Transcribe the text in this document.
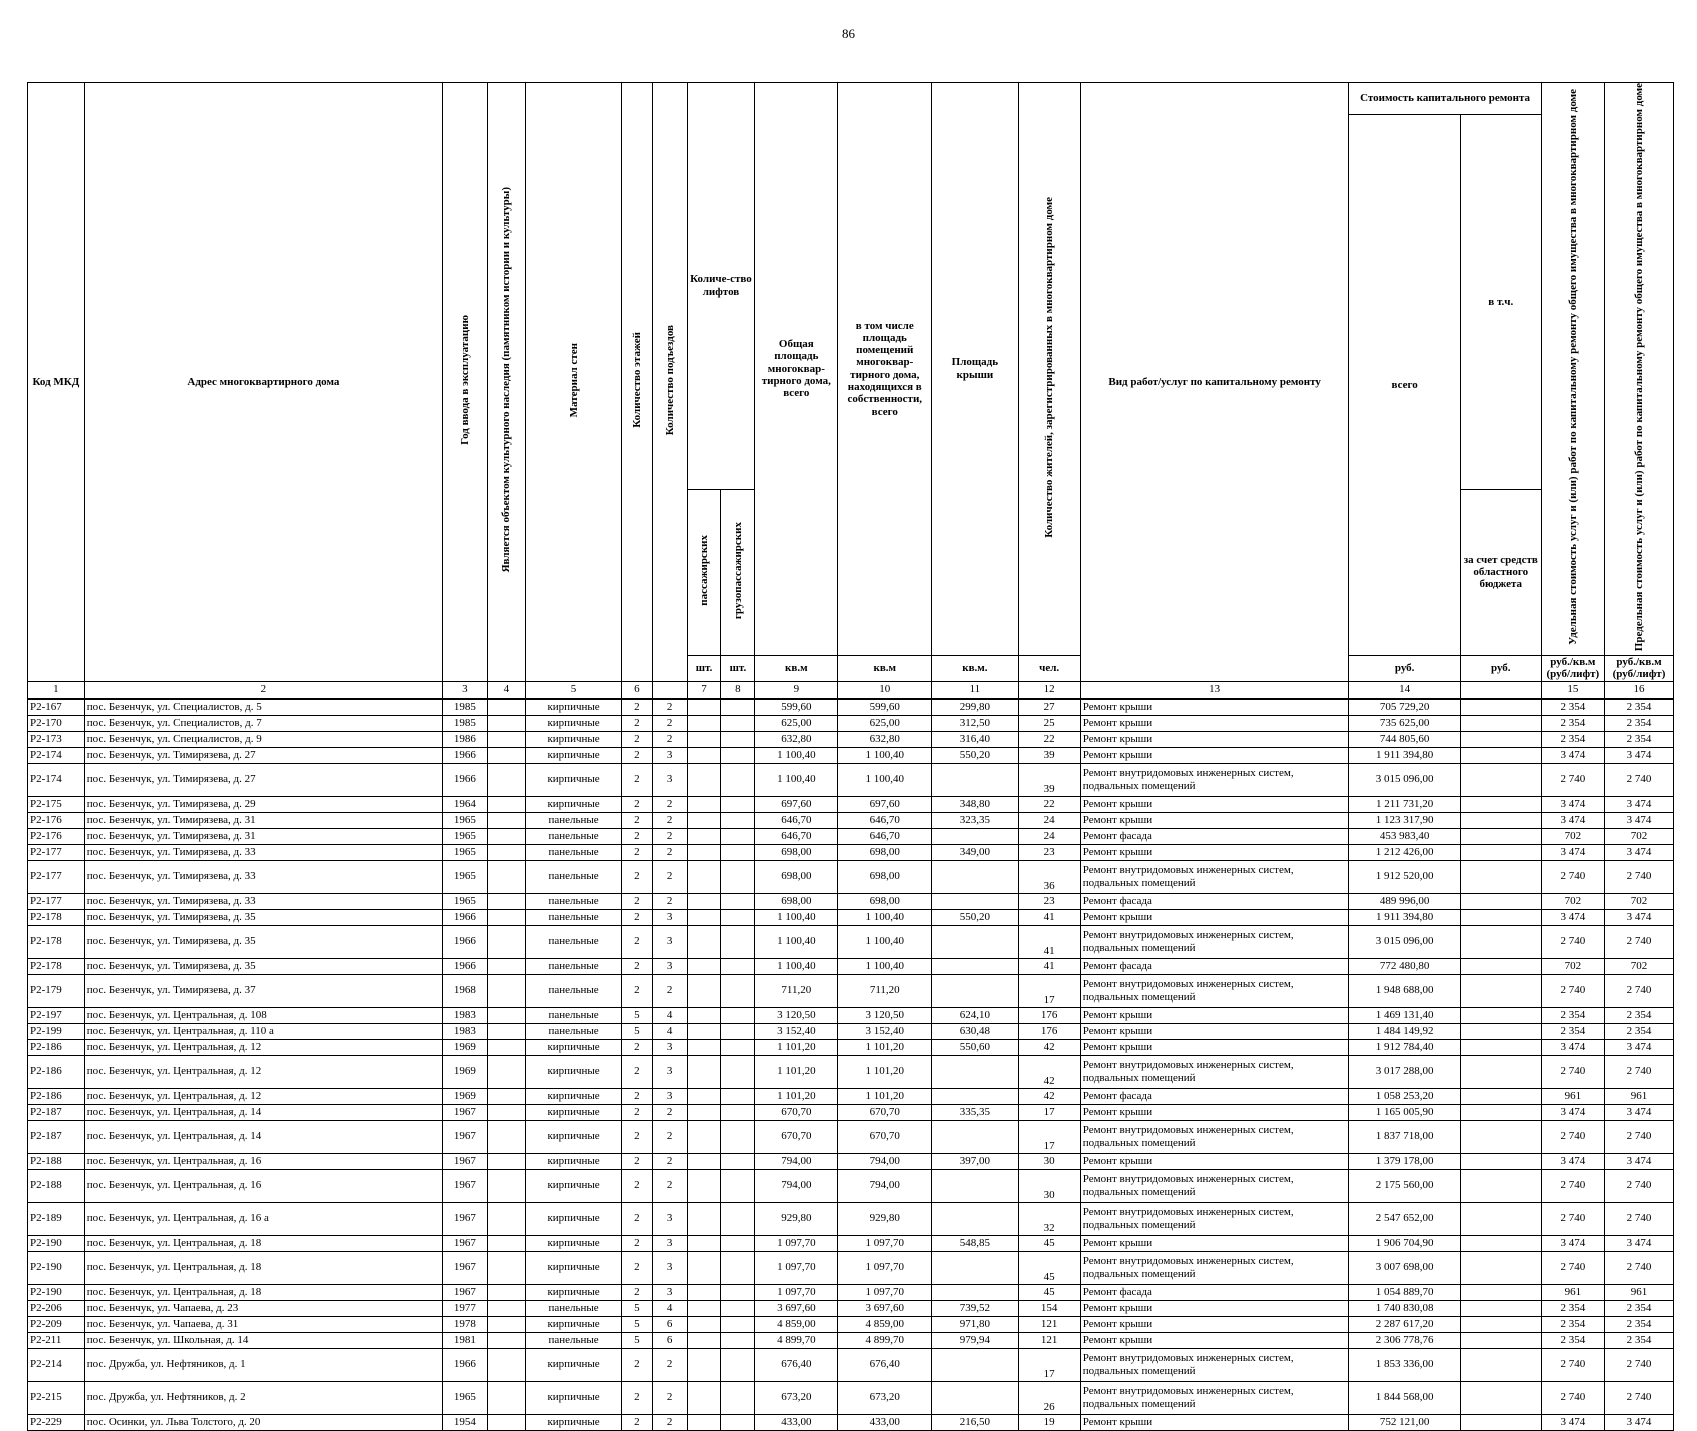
86
Код МКД	Адрес многоквартирного дома	Год ввода в эксплуатацию	Является объектом культурного наследия (памятником истории и культуры)	Материал стен	Количество этажей	Количество подъездов	Количе-ство лифтов		Общая площадь многоквар-тирного дома, всего	в том числе площадь помещений многоквар-тирного дома, находящихся в собственности, всего	Площадь крыши	Количество жителей, зарегистрированных в многоквартирном доме	Вид работ/услуг по капитальному ремонту	Стоимость капитального ремонта		Удельная стоимость услуг и (или) работ по капитальному ремонту общего имущества в многоквартирном доме	Предельная стоимость услуг и (или) работ по капитальному ремонту общего имущества в многоквартирном доме
														всего	в т.ч.		
							пассажирских	грузопассажирских							за счет средств областного бюджета		
							шт.	шт.	кв.м	кв.м	кв.м.	чел.		руб.	руб.	руб./кв.м (руб/лифт)	руб./кв.м (руб/лифт)
1	2	3	4	5	6		7	8	9	10	11	12	13	14		15	16
Р2-167	пос. Безенчук, ул. Специалистов, д. 5	1985		кирпичные	2	2			599,60	599,60	299,80	27	Ремонт крыши	705 729,20		2 354	2 354
Р2-170	пос. Безенчук, ул. Специалистов, д. 7	1985		кирпичные	2	2			625,00	625,00	312,50	25	Ремонт крыши	735 625,00		2 354	2 354
Р2-173	пос. Безенчук, ул. Специалистов, д. 9	1986		кирпичные	2	2			632,80	632,80	316,40	22	Ремонт крыши	744 805,60		2 354	2 354
Р2-174	пос. Безенчук, ул. Тимирязева, д. 27	1966		кирпичные	2	3			1 100,40	1 100,40	550,20	39	Ремонт крыши	1 911 394,80		3 474	3 474
Р2-174	пос. Безенчук, ул. Тимирязева, д. 27	1966		кирпичные	2	3			1 100,40	1 100,40		39	Ремонт внутридомовых инженерных систем, подвальных помещений	3 015 096,00		2 740	2 740
Р2-175	пос. Безенчук, ул. Тимирязева, д. 29	1964		кирпичные	2	2			697,60	697,60	348,80	22	Ремонт крыши	1 211 731,20		3 474	3 474
Р2-176	пос. Безенчук, ул. Тимирязева, д. 31	1965		панельные	2	2			646,70	646,70	323,35	24	Ремонт крыши	1 123 317,90		3 474	3 474
Р2-176	пос. Безенчук, ул. Тимирязева, д. 31	1965		панельные	2	2			646,70	646,70		24	Ремонт фасада	453 983,40		702	702
Р2-177	пос. Безенчук, ул. Тимирязева, д. 33	1965		панельные	2	2			698,00	698,00	349,00	23	Ремонт крыши	1 212 426,00		3 474	3 474
Р2-177	пос. Безенчук, ул. Тимирязева, д. 33	1965		панельные	2	2			698,00	698,00		36	Ремонт внутридомовых инженерных систем, подвальных помещений	1 912 520,00		2 740	2 740
Р2-177	пос. Безенчук, ул. Тимирязева, д. 33	1965		панельные	2	2			698,00	698,00		23	Ремонт фасада	489 996,00		702	702
Р2-178	пос. Безенчук, ул. Тимирязева, д. 35	1966		панельные	2	3			1 100,40	1 100,40	550,20	41	Ремонт крыши	1 911 394,80		3 474	3 474
Р2-178	пос. Безенчук, ул. Тимирязева, д. 35	1966		панельные	2	3			1 100,40	1 100,40		41	Ремонт внутридомовых инженерных систем, подвальных помещений	3 015 096,00		2 740	2 740
Р2-178	пос. Безенчук, ул. Тимирязева, д. 35	1966		панельные	2	3			1 100,40	1 100,40		41	Ремонт фасада	772 480,80		702	702
Р2-179	пос. Безенчук, ул. Тимирязева, д. 37	1968		панельные	2	2			711,20	711,20		17	Ремонт внутридомовых инженерных систем, подвальных помещений	1 948 688,00		2 740	2 740
Р2-197	пос. Безенчук, ул. Центральная, д. 108	1983		панельные	5	4			3 120,50	3 120,50	624,10	176	Ремонт крыши	1 469 131,40		2 354	2 354
Р2-199	пос. Безенчук, ул. Центральная, д. 110 а	1983		панельные	5	4			3 152,40	3 152,40	630,48	176	Ремонт крыши	1 484 149,92		2 354	2 354
Р2-186	пос. Безенчук, ул. Центральная, д. 12	1969		кирпичные	2	3			1 101,20	1 101,20	550,60	42	Ремонт крыши	1 912 784,40		3 474	3 474
Р2-186	пос. Безенчук, ул. Центральная, д. 12	1969		кирпичные	2	3			1 101,20	1 101,20		42	Ремонт внутридомовых инженерных систем, подвальных помещений	3 017 288,00		2 740	2 740
Р2-186	пос. Безенчук, ул. Центральная, д. 12	1969		кирпичные	2	3			1 101,20	1 101,20		42	Ремонт фасада	1 058 253,20		961	961
Р2-187	пос. Безенчук, ул. Центральная, д. 14	1967		кирпичные	2	2			670,70	670,70	335,35	17	Ремонт крыши	1 165 005,90		3 474	3 474
Р2-187	пос. Безенчук, ул. Центральная, д. 14	1967		кирпичные	2	2			670,70	670,70		17	Ремонт внутридомовых инженерных систем, подвальных помещений	1 837 718,00		2 740	2 740
Р2-188	пос. Безенчук, ул. Центральная, д. 16	1967		кирпичные	2	2			794,00	794,00	397,00	30	Ремонт крыши	1 379 178,00		3 474	3 474
Р2-188	пос. Безенчук, ул. Центральная, д. 16	1967		кирпичные	2	2			794,00	794,00		30	Ремонт внутридомовых инженерных систем, подвальных помещений	2 175 560,00		2 740	2 740
Р2-189	пос. Безенчук, ул. Центральная, д. 16 а	1967		кирпичные	2	3			929,80	929,80		32	Ремонт внутридомовых инженерных систем, подвальных помещений	2 547 652,00		2 740	2 740
Р2-190	пос. Безенчук, ул. Центральная, д. 18	1967		кирпичные	2	3			1 097,70	1 097,70	548,85	45	Ремонт крыши	1 906 704,90		3 474	3 474
Р2-190	пос. Безенчук, ул. Центральная, д. 18	1967		кирпичные	2	3			1 097,70	1 097,70		45	Ремонт внутридомовых инженерных систем, подвальных помещений	3 007 698,00		2 740	2 740
Р2-190	пос. Безенчук, ул. Центральная, д. 18	1967		кирпичные	2	3			1 097,70	1 097,70		45	Ремонт фасада	1 054 889,70		961	961
Р2-206	пос. Безенчук, ул. Чапаева, д. 23	1977		панельные	5	4			3 697,60	3 697,60	739,52	154	Ремонт крыши	1 740 830,08		2 354	2 354
Р2-209	пос. Безенчук, ул. Чапаева, д. 31	1978		кирпичные	5	6			4 859,00	4 859,00	971,80	121	Ремонт крыши	2 287 617,20		2 354	2 354
Р2-211	пос. Безенчук, ул. Школьная, д. 14	1981		панельные	5	6			4 899,70	4 899,70	979,94	121	Ремонт крыши	2 306 778,76		2 354	2 354
Р2-214	пос. Дружба, ул. Нефтяников, д. 1	1966		кирпичные	2	2			676,40	676,40		17	Ремонт внутридомовых инженерных систем, подвальных помещений	1 853 336,00		2 740	2 740
Р2-215	пос. Дружба, ул. Нефтяников, д. 2	1965		кирпичные	2	2			673,20	673,20		26	Ремонт внутридомовых инженерных систем, подвальных помещений	1 844 568,00		2 740	2 740
Р2-229	пос. Осинки, ул. Льва Толстого, д. 20	1954		кирпичные	2	2			433,00	433,00	216,50	19	Ремонт крыши	752 121,00		3 474	3 474
